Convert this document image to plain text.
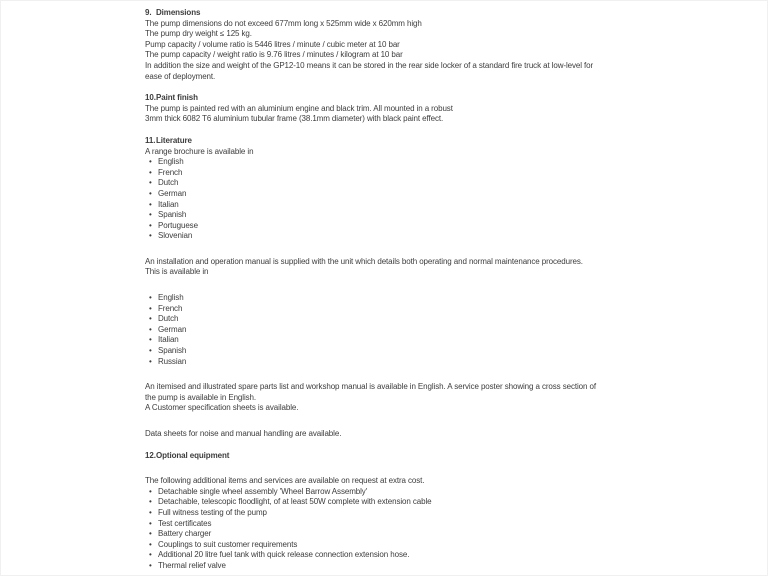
9. Dimensions
The pump dimensions do not exceed 677mm long x 525mm wide x 620mm high
The pump dry weight ≤ 125 kg.
Pump capacity / volume ratio is 5446 litres / minute / cubic meter at 10 bar
The pump capacity / weight ratio is 9.76 litres / minutes / kilogram at 10 bar
In addition the size and weight of the GP12-10 means it can be stored in the rear side locker of a standard fire truck at low-level for
ease of deployment.
10.Paint finish
The pump is painted red with an aluminium engine and black trim. All mounted in a robust
3mm thick 6082 T6 aluminium tubular frame (38.1mm diameter) with black paint effect.
11.Literature
A range brochure is available in
• English
• French
• Dutch
• German
• Italian
• Spanish
• Portuguese
• Slovenian
An installation and operation manual is supplied with the unit which details both operating and normal maintenance procedures.
This is available in
• English
• French
• Dutch
• German
• Italian
• Spanish
• Russian
An itemised and illustrated spare parts list and workshop manual is available in English. A service poster showing a cross section of
the pump is available in English.
A Customer specification sheets is available.
Data sheets for noise and manual handling are available.
12.Optional equipment
The following additional items and services are available on request at extra cost.
• Detachable single wheel assembly 'Wheel Barrow Assembly'
• Detachable, telescopic floodlight, of at least 50W complete with extension cable
• Full witness testing of the pump
• Test certificates
• Battery charger
• Couplings to suit customer requirements
• Additional 20 litre fuel tank with quick release connection extension hose.
• Thermal relief valve
